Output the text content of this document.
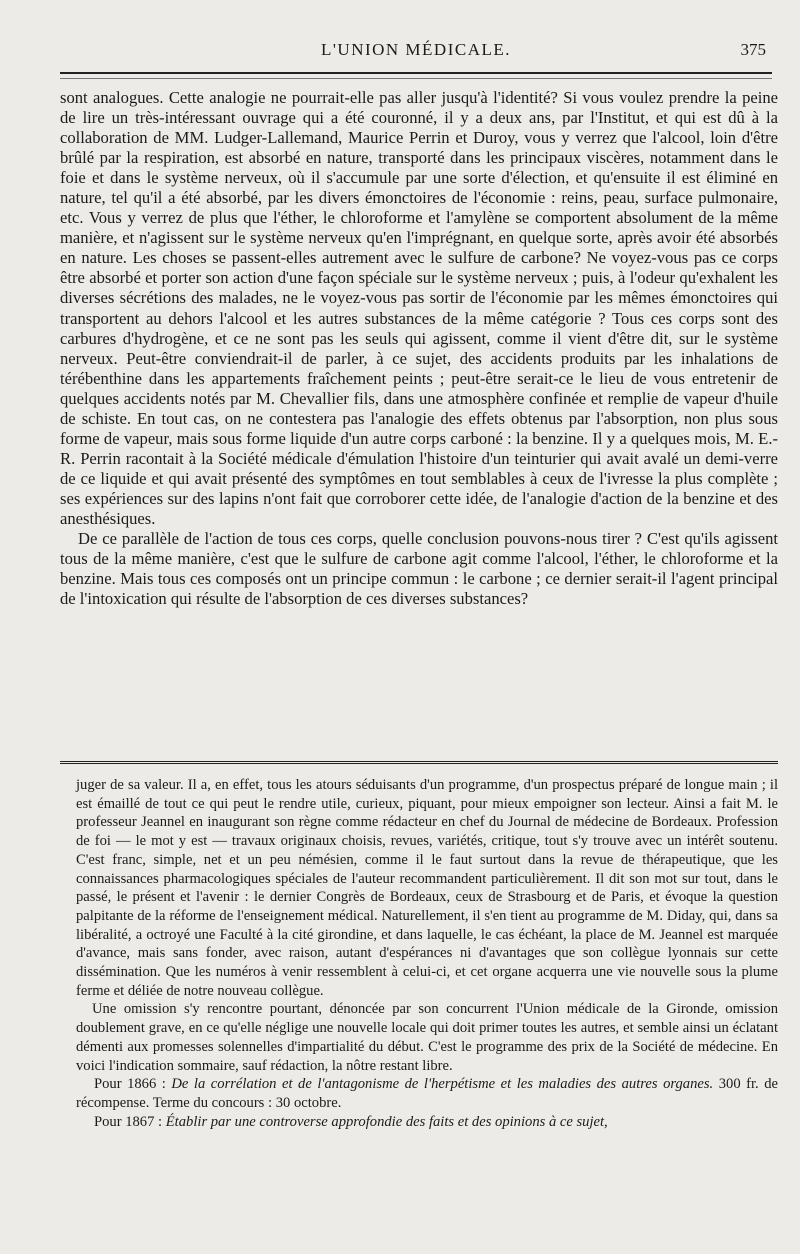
L'UNION MÉDICALE.	375

sont analogues. Cette analogie ne pourrait-elle pas aller jusqu'à l'identité? Si vous voulez prendre la peine de lire un très-intéressant ouvrage qui a été couronné, il y a deux ans, par l'Institut, et qui est dû à la collaboration de MM. Ludger-Lallemand, Maurice Perrin et Duroy, vous y verrez que l'alcool, loin d'être brûlé par la respiration, est absorbé en nature, transporté dans les principaux viscères, notamment dans le foie et dans le système nerveux, où il s'accumule par une sorte d'élection, et qu'ensuite il est éliminé en nature, tel qu'il a été absorbé, par les divers émonctoires de l'économie : reins, peau, surface pulmonaire, etc. Vous y verrez de plus que l'éther, le chloroforme et l'amylène se comportent absolument de la même manière, et n'agissent sur le système nerveux qu'en l'imprégnant, en quelque sorte, après avoir été absorbés en nature. Les choses se passent-elles autrement avec le sulfure de carbone? Ne voyez-vous pas ce corps être absorbé et porter son action d'une façon spéciale sur le système nerveux ; puis, à l'odeur qu'exhalent les diverses sécrétions des malades, ne le voyez-vous pas sortir de l'économie par les mêmes émonctoires qui transportent au dehors l'alcool et les autres substances de la même catégorie ? Tous ces corps sont des carbures d'hydrogène, et ce ne sont pas les seuls qui agissent, comme il vient d'être dit, sur le système nerveux. Peut-être conviendrait-il de parler, à ce sujet, des accidents produits par les inhalations de térébenthine dans les appartements fraîchement peints ; peut-être serait-ce le lieu de vous entretenir de quelques accidents notés par M. Chevallier fils, dans une atmosphère confinée et remplie de vapeur d'huile de schiste. En tout cas, on ne contestera pas l'analogie des effets obtenus par l'absorption, non plus sous forme de vapeur, mais sous forme liquide d'un autre corps carboné : la benzine. Il y a quelques mois, M. E.-R. Perrin racontait à la Société médicale d'émulation l'histoire d'un teinturier qui avait avalé un demi-verre de ce liquide et qui avait présenté des symptômes en tout semblables à ceux de l'ivresse la plus complète ; ses expériences sur des lapins n'ont fait que corroborer cette idée, de l'analogie d'action de la benzine et des anesthésiques.

De ce parallèle de l'action de tous ces corps, quelle conclusion pouvons-nous tirer ? C'est qu'ils agissent tous de la même manière, c'est que le sulfure de carbone agit comme l'alcool, l'éther, le chloroforme et la benzine. Mais tous ces composés ont un principe commun : le carbone ; ce dernier serait-il l'agent principal de l'intoxication qui résulte de l'absorption de ces diverses substances?

juger de sa valeur. Il a, en effet, tous les atours séduisants d'un programme, d'un prospectus préparé de longue main ; il est émaillé de tout ce qui peut le rendre utile, curieux, piquant, pour mieux empoigner son lecteur. Ainsi a fait M. le professeur Jeannel en inaugurant son règne comme rédacteur en chef du Journal de médecine de Bordeaux. Profession de foi — le mot y est — travaux originaux choisis, revues, variétés, critique, tout s'y trouve avec un intérêt soutenu. C'est franc, simple, net et un peu némésien, comme il le faut surtout dans la revue de thérapeutique, que les connaissances pharmacologiques spéciales de l'auteur recommandent particulièrement. Il dit son mot sur tout, dans le passé, le présent et l'avenir : le dernier Congrès de Bordeaux, ceux de Strasbourg et de Paris, et évoque la question palpitante de la réforme de l'enseignement médical. Naturellement, il s'en tient au programme de M. Diday, qui, dans sa libéralité, a octroyé une Faculté à la cité girondine, et dans laquelle, le cas échéant, la place de M. Jeannel est marquée d'avance, mais sans fonder, avec raison, autant d'espérances ni d'avantages que son collègue lyonnais sur cette dissémination. Que les numéros à venir ressemblent à celui-ci, et cet organe acquerra une vie nouvelle sous la plume ferme et déliée de notre nouveau collègue.

Une omission s'y rencontre pourtant, dénoncée par son concurrent l'Union médicale de la Gironde, omission doublement grave, en ce qu'elle néglige une nouvelle locale qui doit primer toutes les autres, et semble ainsi un éclatant démenti aux promesses solennelles d'impartialité du début. C'est le programme des prix de la Société de médecine. En voici l'indication sommaire, sauf rédaction, la nôtre restant libre.

Pour 1866 : De la corrélation et de l'antagonisme de l'herpétisme et les maladies des autres organes. 300 fr. de récompense. Terme du concours : 30 octobre.

Pour 1867 : Établir par une controverse approfondie des faits et des opinions à ce sujet,
